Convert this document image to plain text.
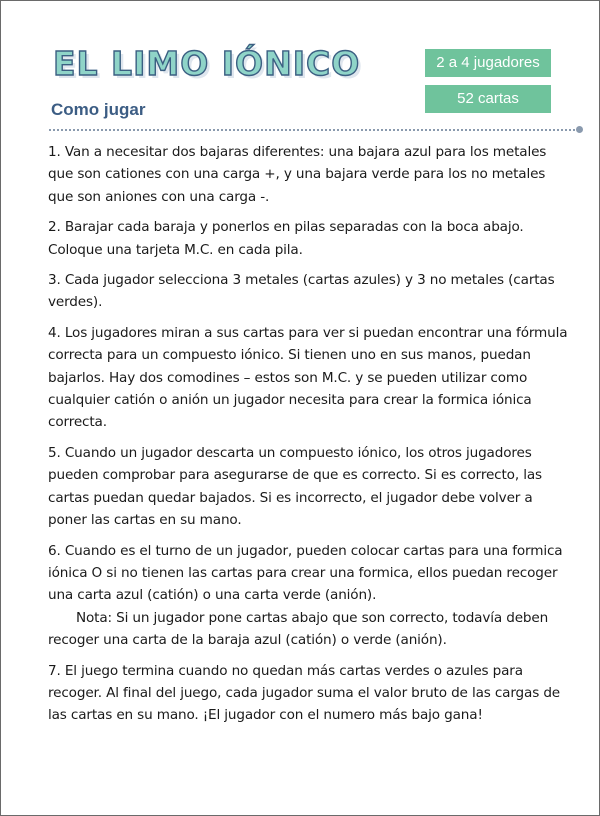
EL LIMO IÓNICO
Como jugar
2 a 4 jugadores
52 cartas

1. Van a necesitar dos bajaras diferentes: una bajara azul para los metales que son cationes con una carga +, y una bajara verde para los no metales que son aniones con una carga -.

2. Barajar cada baraja y ponerlos en pilas separadas con la boca abajo. Coloque una tarjeta M.C. en cada pila.

3. Cada jugador selecciona 3 metales (cartas azules) y 3 no metales (cartas verdes).

4. Los jugadores miran a sus cartas para ver si puedan encontrar una fórmula correcta para un compuesto iónico. Si tienen uno en sus manos, puedan bajarlos. Hay dos comodines – estos son M.C. y se pueden utilizar como cualquier catión o anión un jugador necesita para crear la formica iónica correcta.

5. Cuando un jugador descarta un compuesto iónico, los otros jugadores pueden comprobar para asegurarse de que es correcto. Si es correcto, las cartas puedan quedar bajados. Si es incorrecto, el jugador debe volver a poner las cartas en su mano.

6. Cuando es el turno de un jugador, pueden colocar cartas para una formica iónica O si no tienen las cartas para crear una formica, ellos puedan recoger una carta azul (catión) o una carta verde (anión).

Nota: Si un jugador pone cartas abajo que son correcto, todavía deben recoger una carta de la baraja azul (catión) o verde (anión).

7. El juego termina cuando no quedan más cartas verdes o azules para recoger. Al final del juego, cada jugador suma el valor bruto de las cargas de las cartas en su mano. ¡El jugador con el numero más bajo gana!
